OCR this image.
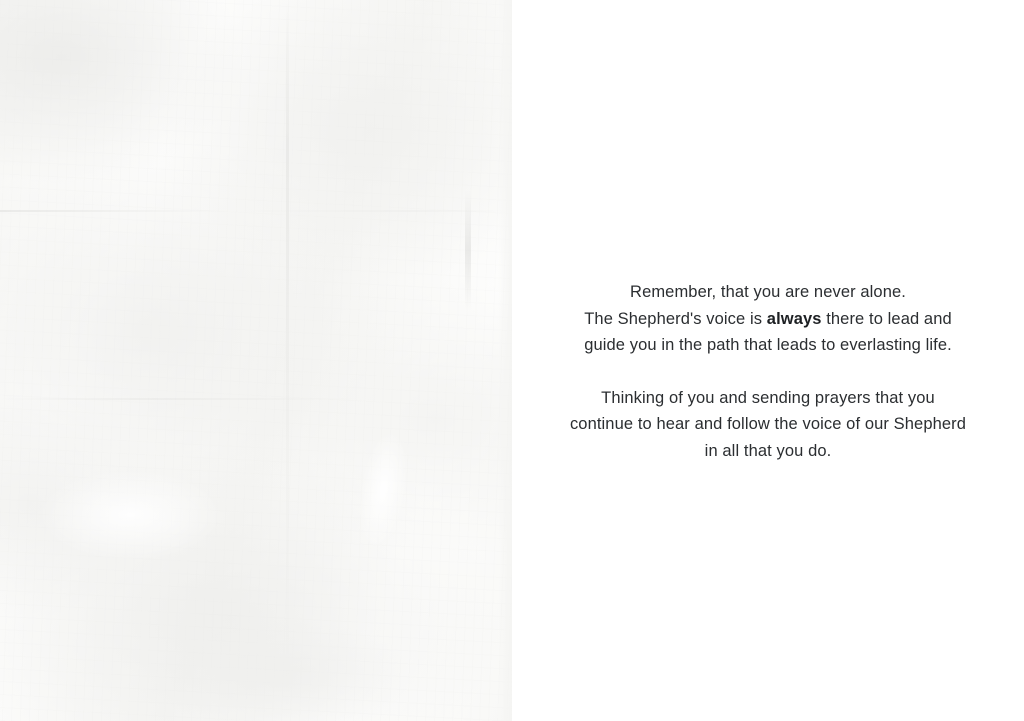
Remember, that you are never alone.
The Shepherd's voice is always there to lead and guide you in the path that leads to everlasting life.

Thinking of you and sending prayers that you continue to hear and follow the voice of our Shepherd in all that you do.
